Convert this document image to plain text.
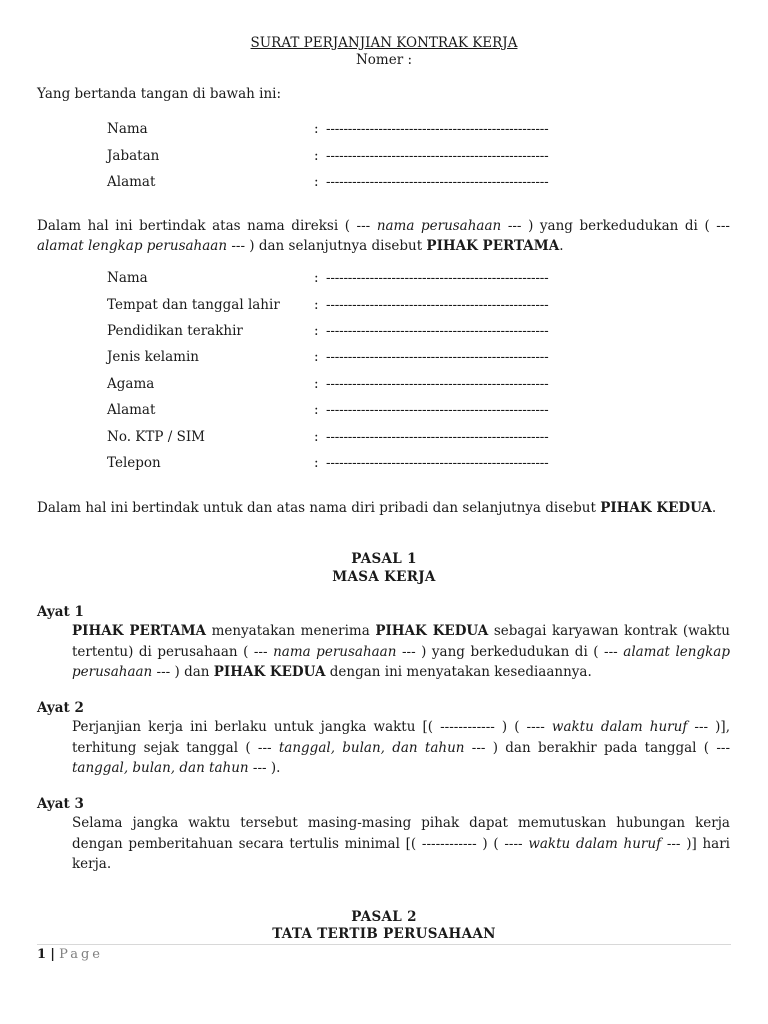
SURAT PERJANJIAN KONTRAK KERJA
Nomer :
Yang bertanda tangan di bawah ini:
Nama	: ---------------------------------------------------
Jabatan	: ---------------------------------------------------
Alamat	: ---------------------------------------------------
Dalam hal ini bertindak atas nama direksi ( --- nama perusahaan --- ) yang berkedudukan di ( --- alamat lengkap perusahaan --- ) dan selanjutnya disebut PIHAK PERTAMA.
Nama	: ---------------------------------------------------
Tempat dan tanggal lahir	: ---------------------------------------------------
Pendidikan terakhir	: ---------------------------------------------------
Jenis kelamin	: ---------------------------------------------------
Agama	: ---------------------------------------------------
Alamat	: ---------------------------------------------------
No. KTP / SIM	: ---------------------------------------------------
Telepon	: ---------------------------------------------------
Dalam hal ini bertindak untuk dan atas nama diri pribadi dan selanjutnya disebut PIHAK KEDUA.
PASAL 1
MASA KERJA
Ayat 1
PIHAK PERTAMA menyatakan menerima PIHAK KEDUA sebagai karyawan kontrak (waktu tertentu) di perusahaan ( --- nama perusahaan --- ) yang berkedudukan di ( --- alamat lengkap perusahaan --- ) dan PIHAK KEDUA dengan ini menyatakan kesediaannya.
Ayat 2
Perjanjian kerja ini berlaku untuk jangka waktu [( ------------ ) ( ---- waktu dalam huruf --- )], terhitung sejak tanggal ( --- tanggal, bulan, dan tahun --- ) dan berakhir pada tanggal ( --- tanggal, bulan, dan tahun --- ).
Ayat 3
Selama jangka waktu tersebut masing-masing pihak dapat memutuskan hubungan kerja dengan pemberitahuan secara tertulis minimal [( ------------ ) ( ---- waktu dalam huruf --- )] hari kerja.
PASAL 2
TATA TERTIB PERUSAHAAN
1 | Page
